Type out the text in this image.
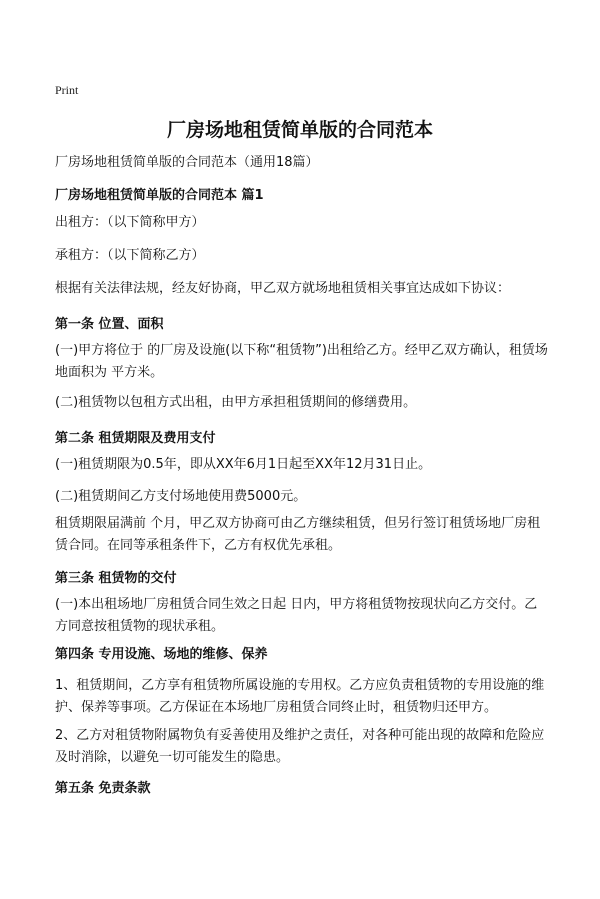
Print
厂房场地租赁简单版的合同范本
厂房场地租赁简单版的合同范本（通用18篇）
厂房场地租赁简单版的合同范本 篇1
出租方：（以下简称甲方）
承租方：（以下简称乙方）
根据有关法律法规，经友好协商，甲乙双方就场地租赁相关事宜达成如下协议：
第一条 位置、面积
(一)甲方将位于 的厂房及设施(以下称“租赁物”)出租给乙方。经甲乙双方确认，租赁场地面积为 平方米。
(二)租赁物以包租方式出租，由甲方承担租赁期间的修缮费用。
第二条 租赁期限及费用支付
(一)租赁期限为0.5年，即从XX年6月1日起至XX年12月31日止。
(二)租赁期间乙方支付场地使用费5000元。
租赁期限届满前 个月，甲乙双方协商可由乙方继续租赁，但另行签订租赁场地厂房租赁合同。在同等承租条件下，乙方有权优先承租。
第三条 租赁物的交付
(一)本出租场地厂房租赁合同生效之日起 日内，甲方将租赁物按现状向乙方交付。乙方同意按租赁物的现状承租。
第四条 专用设施、场地的维修、保养
1、租赁期间，乙方享有租赁物所属设施的专用权。乙方应负责租赁物的专用设施的维护、保养等事项。乙方保证在本场地厂房租赁合同终止时，租赁物归还甲方。
2、乙方对租赁物附属物负有妥善使用及维护之责任，对各种可能出现的故障和危险应及时消除，以避免一切可能发生的隐患。
第五条 免责条款
